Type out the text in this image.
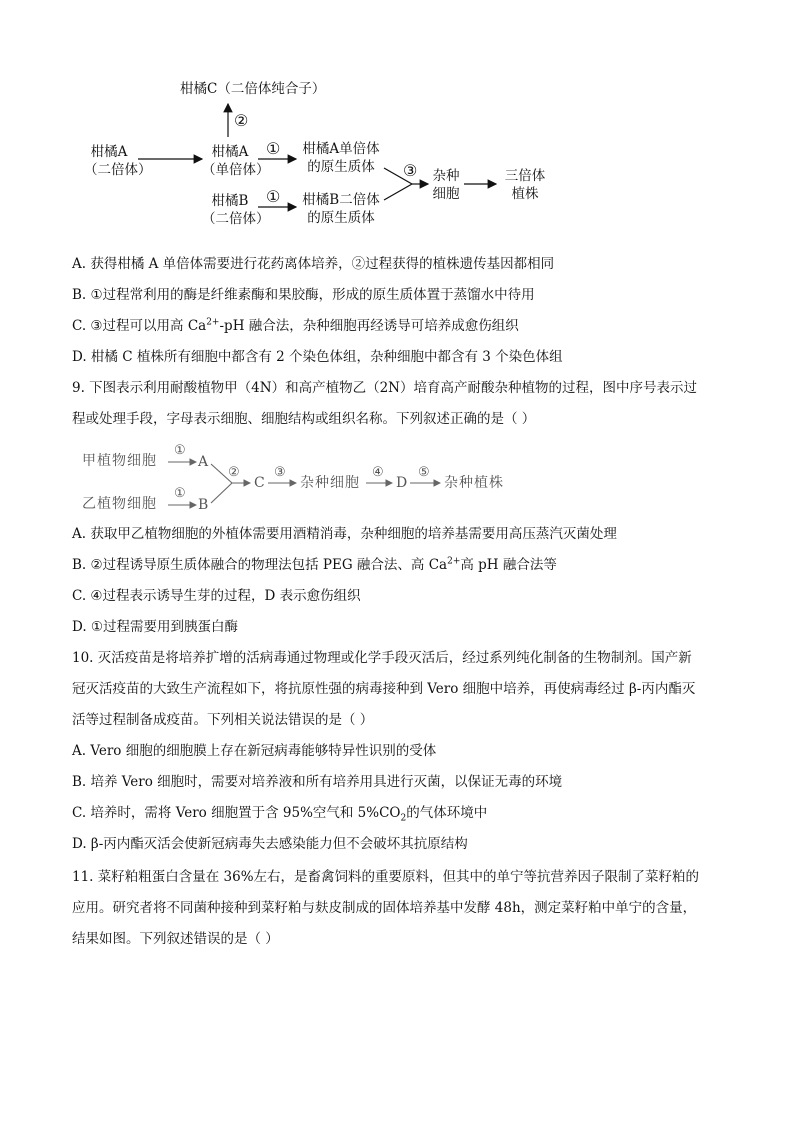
柑橘C（二倍体纯合子）
②
柑橘A
（二倍体）
柑橘A
（单倍体）
① 柑橘A单倍体
的原生质体
柑橘B
（二倍体）
① 柑橘B二倍体
的原生质体
③ 杂种
细胞
三倍体
植株
A. 获得柑橘 A 单倍体需要进行花药离体培养，②过程获得的植株遗传基因都相同
B. ①过程常利用的酶是纤维素酶和果胶酶，形成的原生质体置于蒸馏水中待用
C. ③过程可以用高 $Ca^{2+}-pH$ 融合法，杂种细胞再经诱导可培养成愈伤组织
D. 柑橘 C 植株所有细胞中都含有 2 个染色体组，杂种细胞中都含有 3 个染色体组
9. 下图表示利用耐酸植物甲（4N）和高产植物乙（2N）培育高产耐酸杂种植物的过程，图中序号表示过
程或处理手段，字母表示细胞、细胞结构或组织名称。下列叙述正确的是（ ）
甲植物细胞
乙植物细胞
①
①
A
B
②
C
③
杂种细胞
④
D
⑤
杂种植株
A. 获取甲乙植物细胞的外植体需要用酒精消毒，杂种细胞的培养基需要用高压蒸汽灭菌处理
B. ②过程诱导原生质体融合的物理法包括 PEG 融合法、高 $Ca^{2+}$高 pH 融合法等
C. ④过程表示诱导生芽的过程，D 表示愈伤组织
D. ①过程需要用到胰蛋白酶
10. 灭活疫苗是将培养扩增的活病毒通过物理或化学手段灭活后，经过系列纯化制备的生物制剂。国产新
冠灭活疫苗的大致生产流程如下，将抗原性强的病毒接种到 Vero 细胞中培养，再使病毒经过 β-丙内酯灭
活等过程制备成疫苗。下列相关说法错误的是（ ）
A. Vero 细胞的细胞膜上存在新冠病毒能够特异性识别的受体
B. 培养 Vero 细胞时，需要对培养液和所有培养用具进行灭菌，以保证无毒的环境
C. 培养时，需将 Vero 细胞置于含 95%空气和 $5\%CO_2$的气体环境中
D. β-丙内酯灭活会使新冠病毒失去感染能力但不会破坏其抗原结构
11. 菜籽粕粗蛋白含量在 36%左右，是畜禽饲料的重要原料，但其中的单宁等抗营养因子限制了菜籽粕的
应用。研究者将不同菌种接种到菜籽粕与麸皮制成的固体培养基中发酵 48h，测定菜籽粕中单宁的含量，
结果如图。下列叙述错误的是（ ）
